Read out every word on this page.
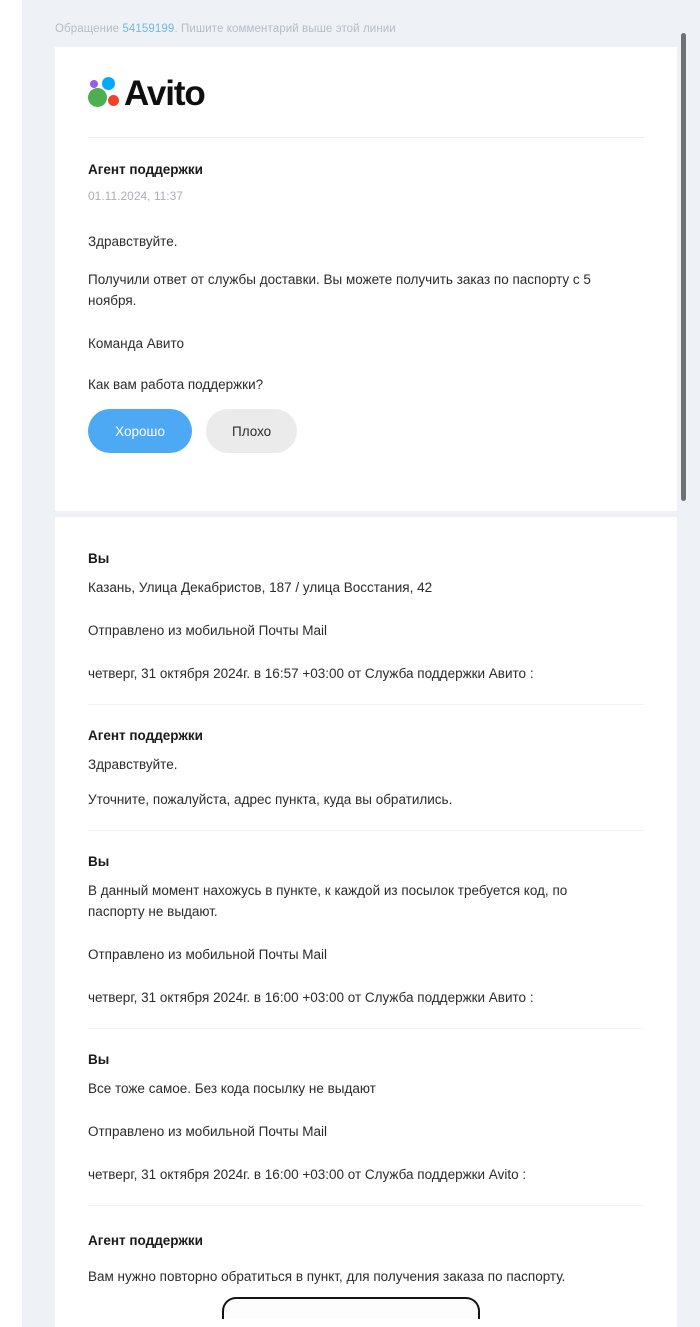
Обращение 54159199. Пишите комментарий выше этой линии
Avito
Агент поддержки
01.11.2024, 11:37
Здравствуйте.
Получили ответ от службы доставки. Вы можете получить заказ по паспорту с 5 ноября.
Команда Авито
Как вам работа поддержки?
Хорошо	Плохо
Вы
Казань, Улица Декабристов, 187 / улица Восстания, 42
Отправлено из мобильной Почты Mail
четверг, 31 октября 2024г. в 16:57 +03:00 от Служба поддержки Авито :
Агент поддержки
Здравствуйте.
Уточните, пожалуйста, адрес пункта, куда вы обратились.
Вы
В данный момент нахожусь в пункте, к каждой из посылок требуется код, по паспорту не выдают.
Отправлено из мобильной Почты Mail
четверг, 31 октября 2024г. в 16:00 +03:00 от Служба поддержки Авито :
Вы
Все тоже самое. Без кода посылку не выдают
Отправлено из мобильной Почты Mail
четверг, 31 октября 2024г. в 16:00 +03:00 от Служба поддержки Avito :
Агент поддержки
Вам нужно повторно обратиться в пункт, для получения заказа по паспорту.
